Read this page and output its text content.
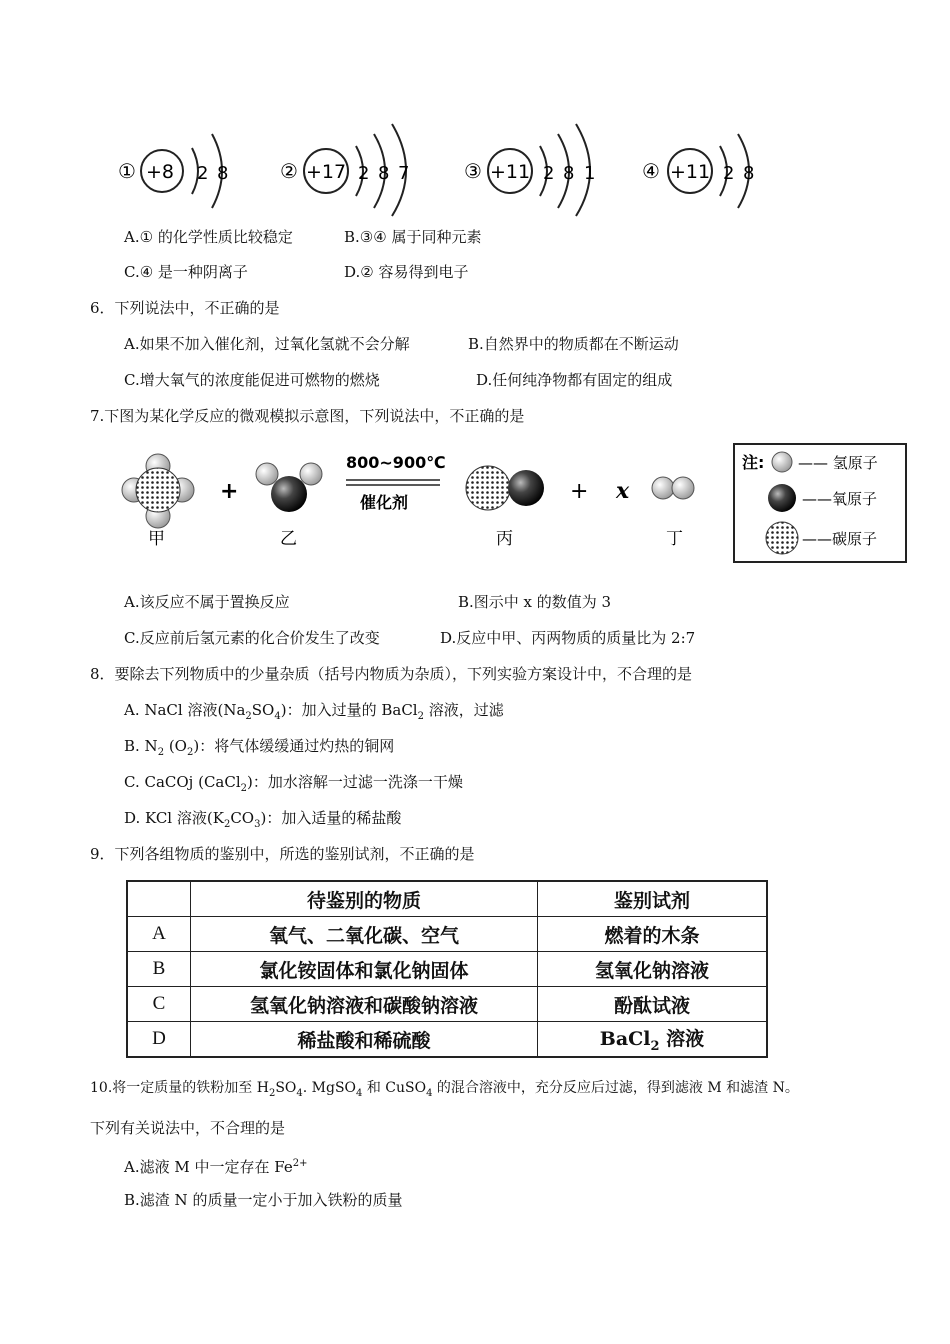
① +8 2 8	② +17 2 8 7	③ +11 2 8 1 ④ +11 2 8
A.① 的化学性质比较稳定	B.③④ 属于同种元素
C.④ 是一种阴离子	D.② 容易得到电子
6．下列说法中，不正确的是
A.如果不加入催化剂，过氧化氢就不会分解	B.自然界中的物质都在不断运动
C.增大氧气的浓度能促进可燃物的燃烧	D.任何纯净物都有固定的组成
7.下图为某化学反应的微观模拟示意图，下列说法中，不正确的是
+
800~900℃
催化剂	+ x
甲	乙	丙	丁
注: —— 氢原子
——氧原子
——碳原子
A.该反应不属于置换反应	B.图示中 x 的数值为 3
C.反应前后氢元素的化合价发生了改变	D.反应中甲、丙两物质的质量比为 2:7
8．要除去下列物质中的少量杂质（括号内物质为杂质），下列实验方案设计中，不合理的是
A. NaCl 溶液$(Na_2SO_4)$：加入过量的 BaCl$_2$ 溶液，过滤
B. $N_2$ $(O_2)$：将气体缓缓通过灼热的铜网
C. CaCOj (CaCl$_2$)：加水溶解一过滤一洗涤一干燥
D. KCl 溶液$(K_2CO_3)$：加入适量的稀盐酸
9．下列各组物质的鉴别中，所选的鉴别试剂，不正确的是
	待鉴别的物质	鉴别试剂
A	氧气、二氧化碳、空气	燃着的木条
B	氯化铵固体和氯化钠固体	氢氧化钠溶液
C	氢氧化钠溶液和碳酸钠溶液	酚酞试液
D	稀盐酸和稀硫酸	BaCl$_2$ 溶液
10.将一定质量的铁粉加至 $H_2SO_4$. MgSO$_4$ 和 CuSO$_4$ 的混合溶液中，充分反应后过滤，得到滤液 M 和滤渣 N。
下列有关说法中，不合理的是
A.滤液 M 中一定存在 $Fe^{2+}$
B.滤渣 N 的质量一定小于加入铁粉的质量
